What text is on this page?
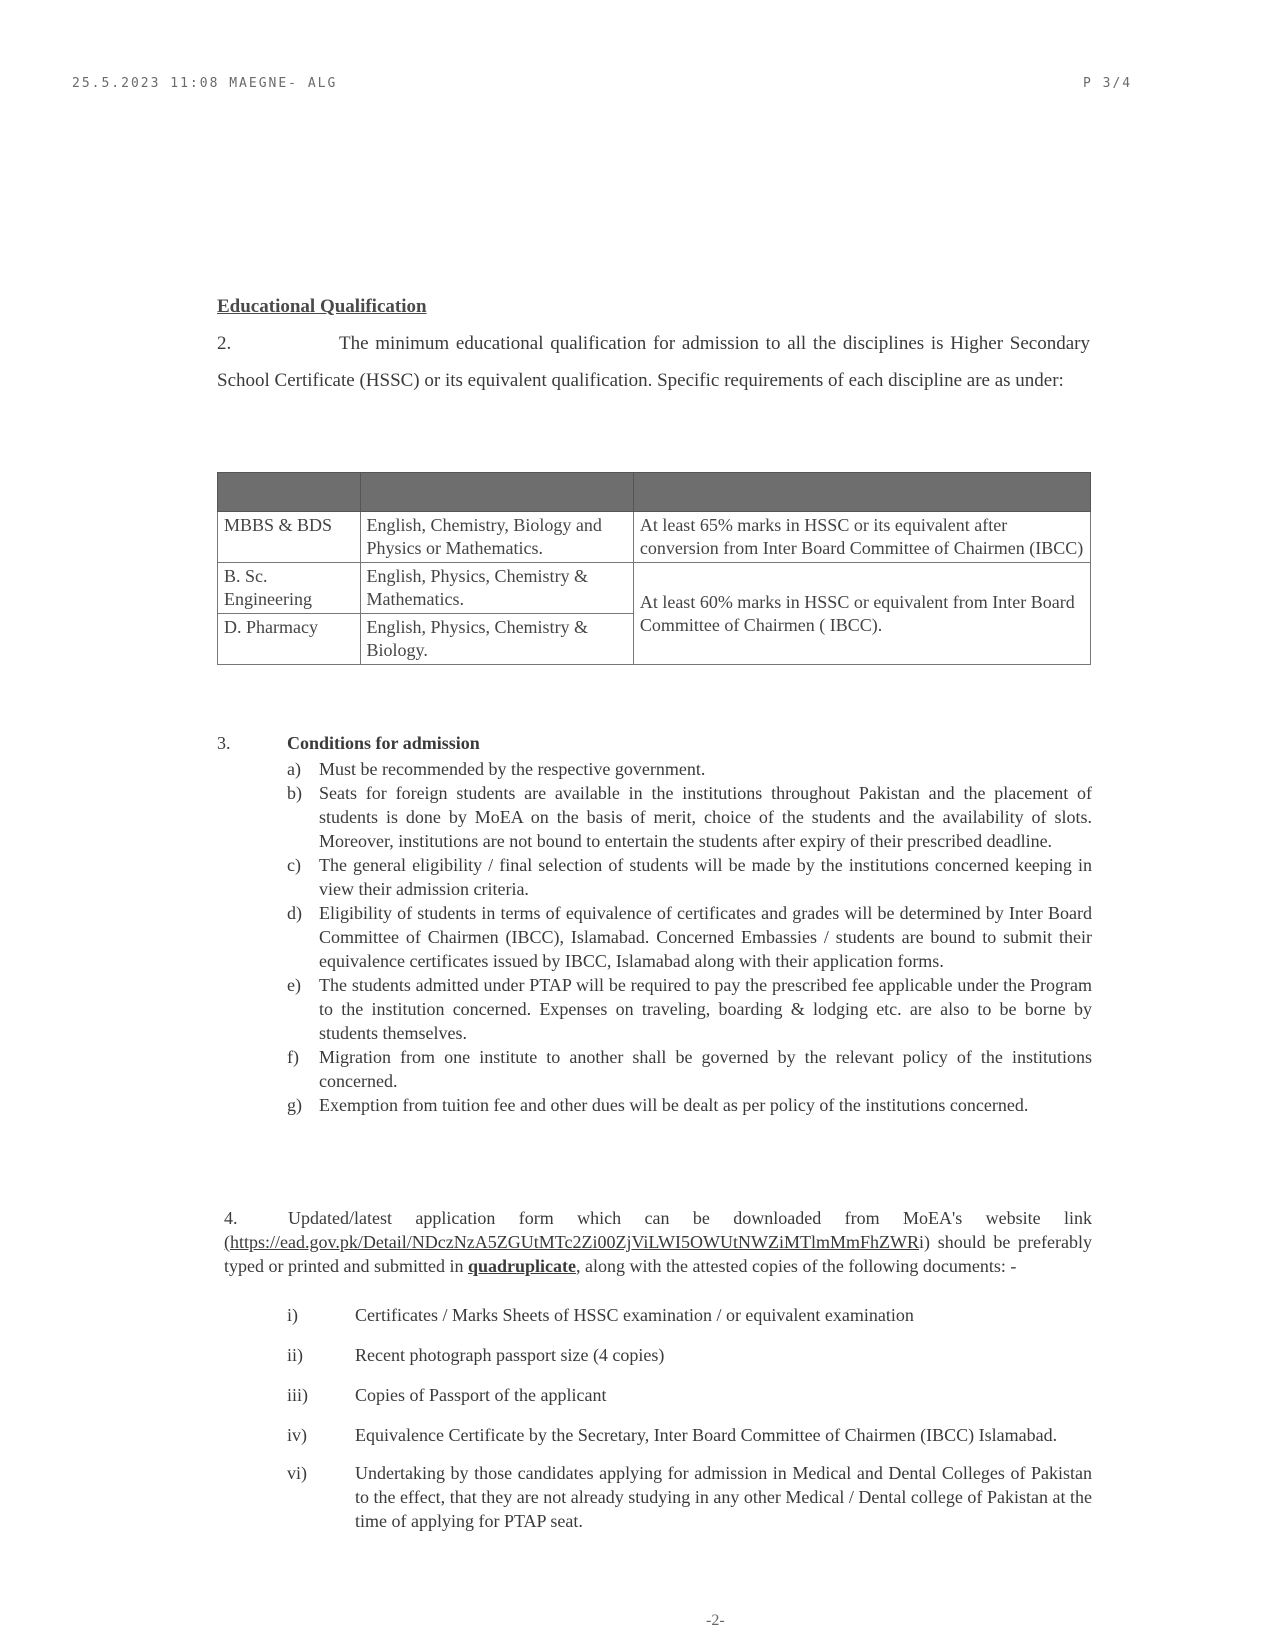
25.5.2023 11:08 MAEGNE- ALG	P 3/4
Educational Qualification
2.	The minimum educational qualification for admission to all the disciplines is Higher Secondary School Certificate (HSSC) or its equivalent qualification. Specific requirements of each discipline are as under:

MBBS & BDS	English, Chemistry, Biology and Physics or Mathematics.	At least 65% marks in HSSC or its equivalent after conversion from Inter Board Committee of Chairmen (IBCC)
B. Sc. Engineering	English, Physics, Chemistry & Mathematics.	At least 60% marks in HSSC or equivalent from Inter Board Committee of Chairmen ( IBCC).
D. Pharmacy	English, Physics, Chemistry & Biology.	
3.	Conditions for admission
a)	Must be recommended by the respective government.
b) Seats for foreign students are available in the institutions throughout Pakistan and the placement of students is done by MoEA on the basis of merit, choice of the students and the availability of slots. Moreover, institutions are not bound to entertain the students after expiry of their prescribed deadline.
c)	The general eligibility / final selection of students will be made by the institutions concerned keeping in view their admission criteria.
d) Eligibility of students in terms of equivalence of certificates and grades will be determined by Inter Board Committee of Chairmen (IBCC), Islamabad. Concerned Embassies / students are bound to submit their equivalence certificates issued by IBCC, Islamabad along with their application forms.
e)	The students admitted under PTAP will be required to pay the prescribed fee applicable under the Program to the institution concerned. Expenses on traveling, boarding & lodging etc. are also to be borne by students themselves.
f)	Migration from one institute to another shall be governed by the relevant policy of the institutions concerned.
g) Exemption from tuition fee and other dues will be dealt as per policy of the institutions concerned.
4.	Updated/latest application form which can be downloaded from MoEA's website link (https://ead.gov.pk/Detail/NDczNzA5ZGUtMTc2Zi00ZjViLWI5OWUtNWZiMTlmMmFhZWRi) should be preferably typed or printed and submitted in quadruplicate, along with the attested copies of the following documents: -
i)	Certificates / Marks Sheets of HSSC examination / or equivalent examination
ii)	Recent photograph passport size (4 copies)
iii)	Copies of Passport of the applicant
iv)	Equivalence Certificate by the Secretary, Inter Board Committee of Chairmen (IBCC) Islamabad.
vi)	Undertaking by those candidates applying for admission in Medical and Dental Colleges of Pakistan to the effect, that they are not already studying in any other Medical / Dental college of Pakistan at the time of applying for PTAP seat.
-2-
